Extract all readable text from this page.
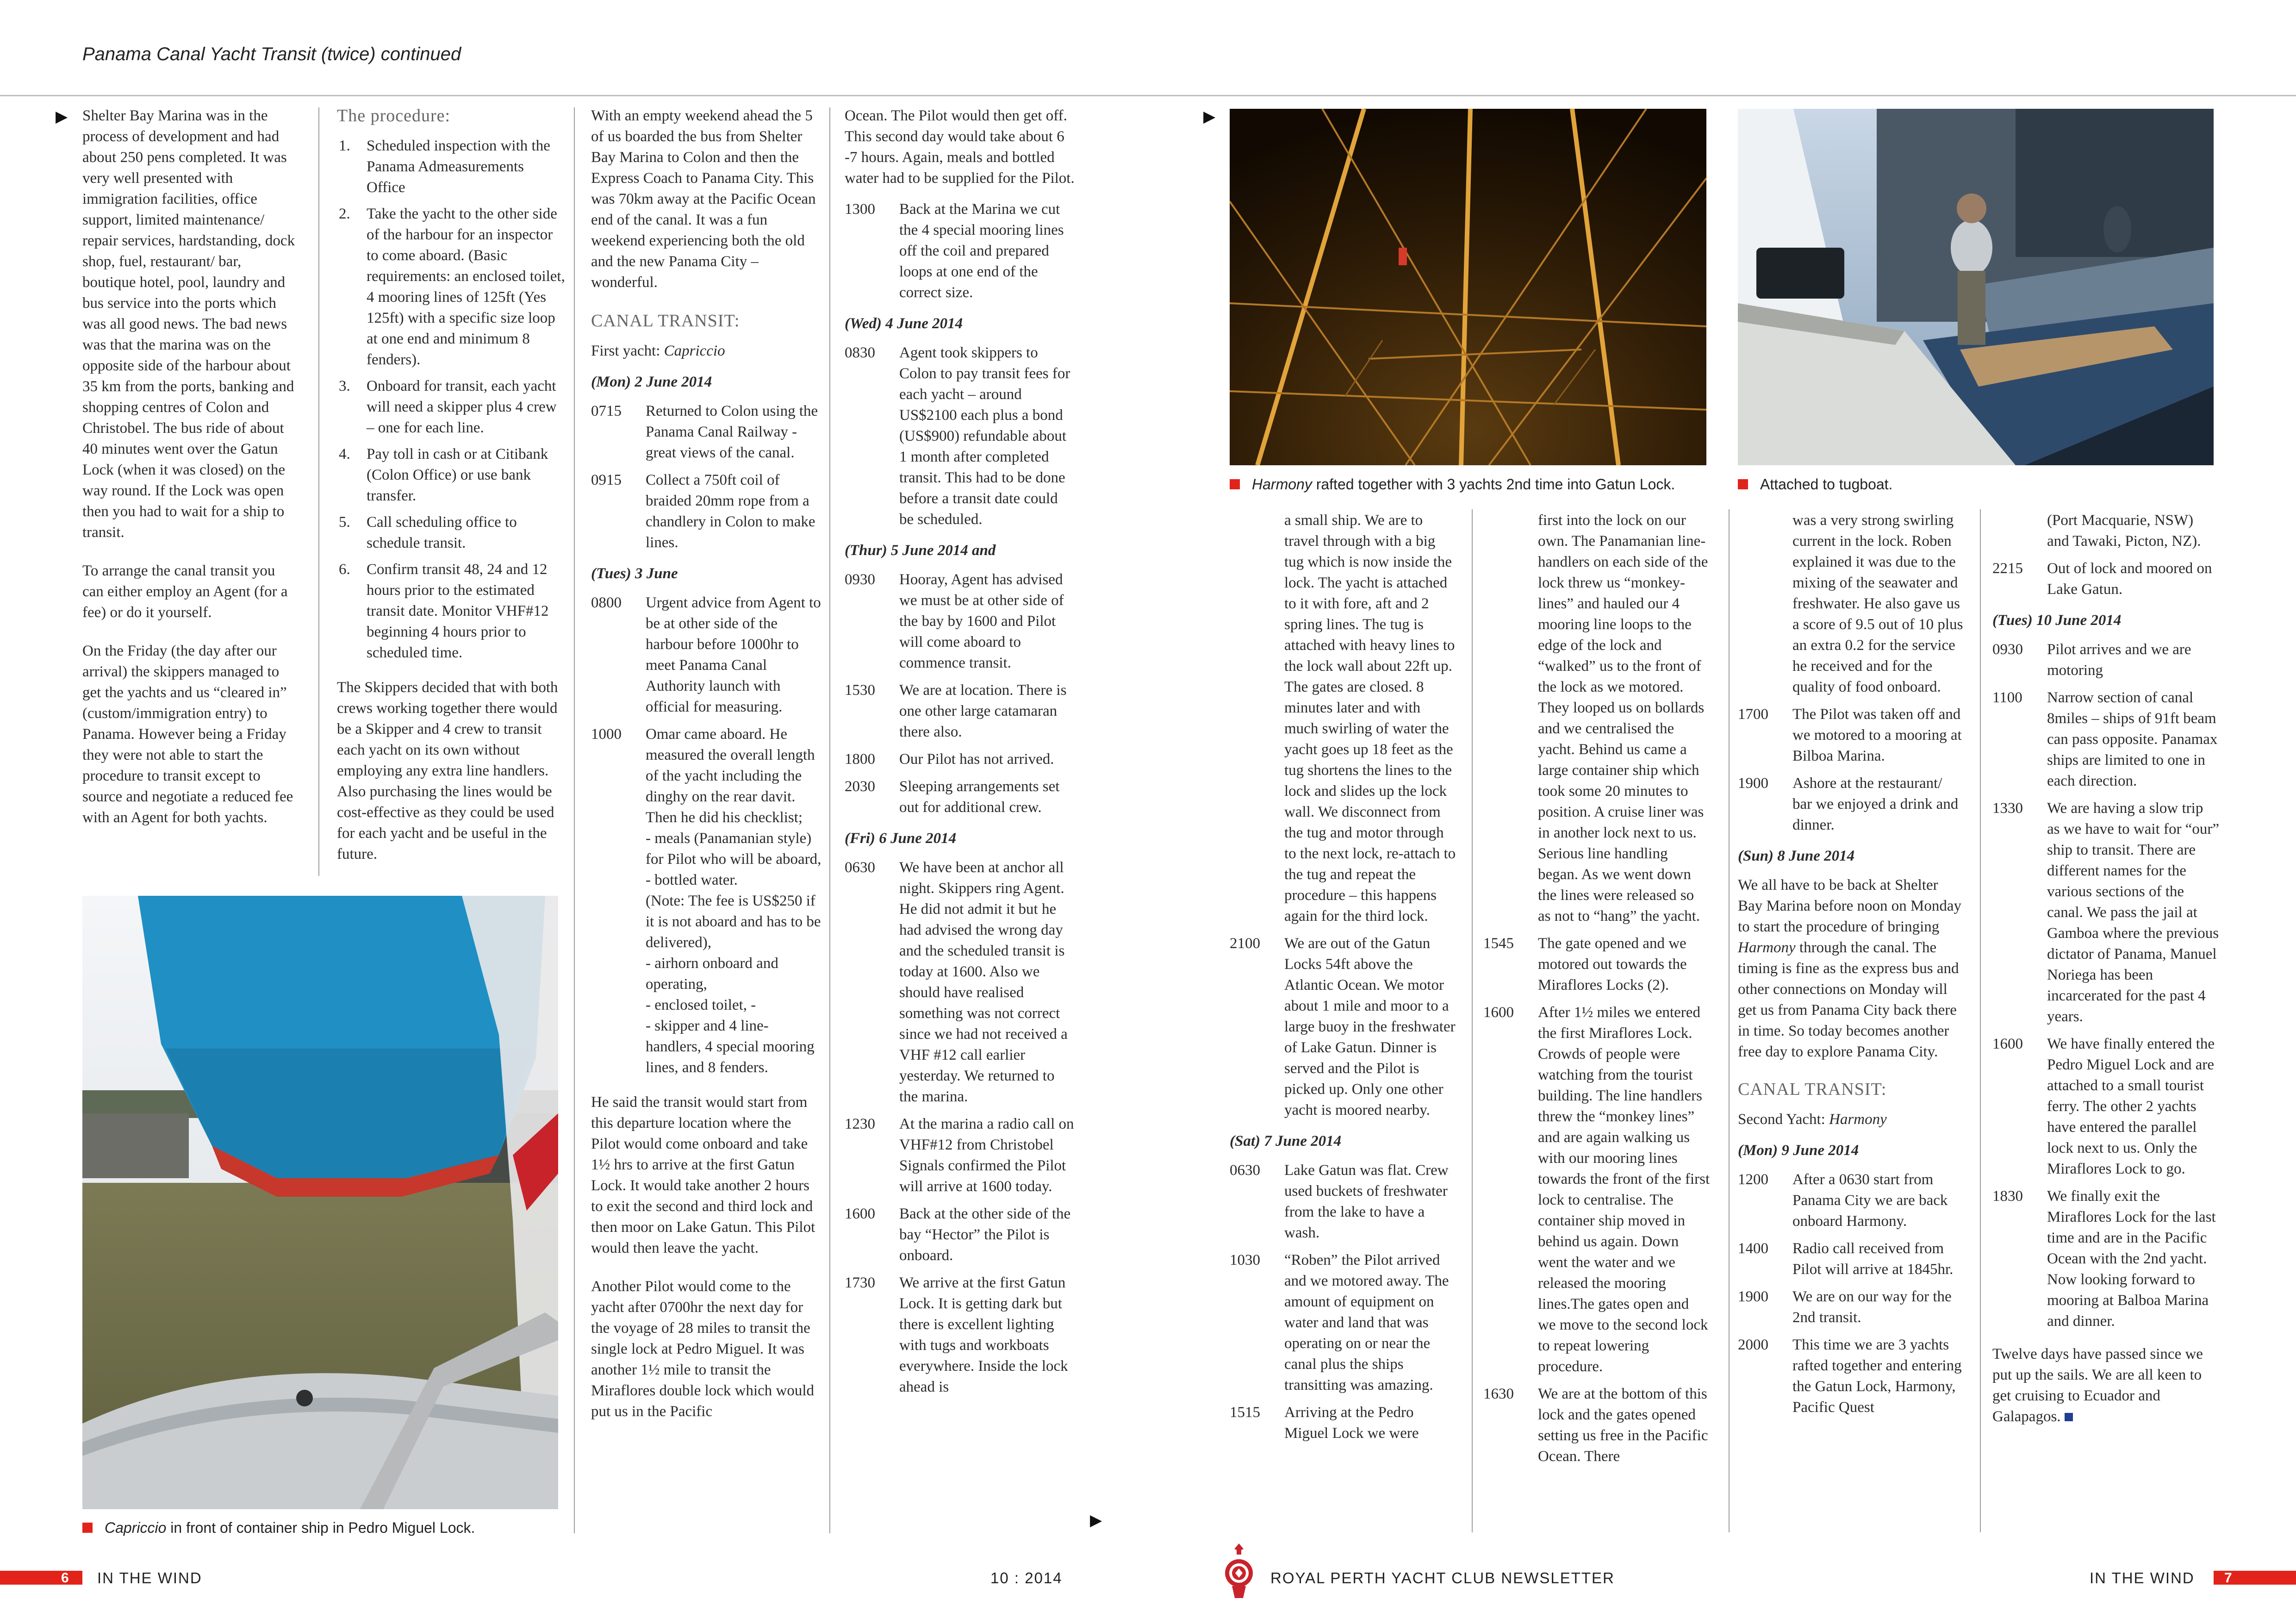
Panama Canal Yacht Transit (twice) continued
▶ Shelter Bay Marina was in the process of development and had about 250 pens completed. It was very well presented with immigration facilities, office support, limited maintenance/ repair services, hardstanding, dock shop, fuel, restaurant/ bar, boutique hotel, pool, laundry and bus service into the ports which was all good news. The bad news was that the marina was on the opposite side of the harbour about 35 km from the ports, banking and shopping centres of Colon and Christobel. The bus ride of about 40 minutes went over the Gatun Lock (when it was closed) on the way round. If the Lock was open then you had to wait for a ship to transit.

To arrange the canal transit you can either employ an Agent (for a fee) or do it yourself.

On the Friday (the day after our arrival) the skippers managed to get the yachts and us “cleared in” (custom/immigration entry) to Panama. However being a Friday they were not able to start the procedure to transit except to source and negotiate a reduced fee with an Agent for both yachts.

The procedure:
1.	Scheduled inspection with the Panama Admeasurements Office
2.	Take the yacht to the other side of the harbour for an inspector to come aboard. (Basic requirements: an enclosed toilet, 4 mooring lines of 125ft (Yes 125ft) with a specific size loop at one end and minimum 8 fenders).
3.	Onboard for transit, each yacht will need a skipper plus 4 crew – one for each line.
4.	Pay toll in cash or at Citibank (Colon Office) or use bank transfer.
5.	Call scheduling office to schedule transit.
6.	Confirm transit 48, 24 and 12 hours prior to the estimated transit date. Monitor VHF#12 beginning 4 hours prior to scheduled time.

The Skippers decided that with both crews working together there would be a Skipper and 4 crew to transit each yacht on its own without employing any extra line handlers. Also purchasing the lines would be cost-effective as they could be used for each yacht and be useful in the future.

Capriccio in front of container ship in Pedro Miguel Lock.

With an empty weekend ahead the 5 of us boarded the bus from Shelter Bay Marina to Colon and then the Express Coach to Panama City. This was 70km away at the Pacific Ocean end of the canal. It was a fun weekend experiencing both the old and the new Panama City – wonderful.

CANAL TRANSIT:
First yacht: Capriccio
(Mon) 2 June 2014
0715	Returned to Colon using the Panama Canal Railway - great views of the canal.
0915	Collect a 750ft coil of braided 20mm rope from a chandlery in Colon to make lines.
(Tues) 3 June
0800	Urgent advice from Agent to be at other side of the harbour before 1000hr to meet Panama Canal Authority launch with official for measuring.
1000	Omar came aboard. He measured the overall length of the yacht including the dinghy on the rear davit. Then he did his checklist;
- meals (Panamanian style) for Pilot who will be aboard,
- bottled water.
(Note: The fee is US$250 if it is not aboard and has to be delivered),
- airhorn onboard and operating,
- enclosed toilet, -
- skipper and 4 line-handlers, 4 special mooring lines, and 8 fenders.

He said the transit would start from this departure location where the Pilot would come onboard and take 1½ hrs to arrive at the first Gatun Lock. It would take another 2 hours to exit the second and third lock and then moor on Lake Gatun. This Pilot would then leave the yacht.

Another Pilot would come to the yacht after 0700hr the next day for the voyage of 28 miles to transit the single lock at Pedro Miguel. It was another 1½ mile to transit the Miraflores double lock which would put us in the Pacific

Ocean. The Pilot would then get off. This second day would take about 6 -7 hours. Again, meals and bottled water had to be supplied for the Pilot.

1300	Back at the Marina we cut the 4 special mooring lines off the coil and prepared loops at one end of the correct size.
(Wed) 4 June 2014
0830	Agent took skippers to Colon to pay transit fees for each yacht – around US$2100 each plus a bond (US$900) refundable about 1 month after completed transit. This had to be done before a transit date could be scheduled.
(Thur) 5 June 2014 and
0930	Hooray, Agent has advised we must be at other side of the bay by 1600 and Pilot will come aboard to commence transit.
1530	We are at location. There is one other large catamaran there also.
1800	Our Pilot has not arrived.
2030	Sleeping arrangements set out for additional crew.
(Fri) 6 June 2014
0630	We have been at anchor all night. Skippers ring Agent. He did not admit it but he had advised the wrong day and the scheduled transit is today at 1600. Also we should have realised something was not correct since we had not received a VHF #12 call earlier yesterday. We returned to the marina.
1230	At the marina a radio call on VHF#12 from Christobel Signals confirmed the Pilot will arrive at 1600 today.
1600	Back at the other side of the bay “Hector” the Pilot is onboard.
1730	We arrive at the first Gatun Lock. It is getting dark but there is excellent lighting with tugs and workboats everywhere. Inside the lock ahead is
▶
▶
Harmony rafted together with 3 yachts 2nd time into Gatun Lock.	Attached to tugboat.
a small ship. We are to travel through with a big tug which is now inside the lock. The yacht is attached to it with fore, aft and 2 spring lines. The tug is attached with heavy lines to the lock wall about 22ft up. The gates are closed. 8 minutes later and with much swirling of water the yacht goes up 18 feet as the tug shortens the lines to the lock and slides up the lock wall. We disconnect from the tug and motor through to the next lock, re-attach to the tug and repeat the procedure – this happens again for the third lock.
2100	We are out of the Gatun Locks 54ft above the Atlantic Ocean. We motor about 1 mile and moor to a large buoy in the freshwater of Lake Gatun. Dinner is served and the Pilot is picked up. Only one other yacht is moored nearby.
(Sat) 7 June 2014
0630	Lake Gatun was flat. Crew used buckets of freshwater from the lake to have a wash.
1030	“Roben” the Pilot arrived and we motored away. The amount of equipment on water and land that was operating on or near the canal plus the ships transitting was amazing.
1515	Arriving at the Pedro Miguel Lock we were
first into the lock on our own. The Panamanian line-handlers on each side of the lock threw us “monkey-lines” and hauled our 4 mooring line loops to the edge of the lock and “walked” us to the front of the lock as we motored. They looped us on bollards and we centralised the yacht. Behind us came a large container ship which took some 20 minutes to position. A cruise liner was in another lock next to us. Serious line handling began. As we went down the lines were released so as not to “hang” the yacht.
1545	The gate opened and we motored out towards the Miraflores Locks (2).
1600	After 1½ miles we entered the first Miraflores Lock. Crowds of people were watching from the tourist building. The line handlers threw the “monkey lines” and are again walking us with our mooring lines towards the front of the first lock to centralise. The container ship moved in behind us again. Down went the water and we released the mooring lines.The gates open and we move to the second lock to repeat lowering procedure.
1630	We are at the bottom of this lock and the gates opened setting us free in the Pacific Ocean. There
was a very strong swirling current in the lock. Roben explained it was due to the mixing of the seawater and freshwater. He also gave us a score of 9.5 out of 10 plus an extra 0.2 for the service he received and for the quality of food onboard.
1700	The Pilot was taken off and we motored to a mooring at Bilboa Marina.
1900	Ashore at the restaurant/ bar we enjoyed a drink and dinner.
(Sun) 8 June 2014

We all have to be back at Shelter Bay Marina before noon on Monday to start the procedure of bringing Harmony through the canal. The timing is fine as the express bus and other connections on Monday will get us from Panama City back there in time. So today becomes another free day to explore Panama City.

CANAL TRANSIT:
Second Yacht: Harmony
(Mon) 9 June 2014
1200	After a 0630 start from Panama City we are back onboard Harmony.
1400	Radio call received from Pilot will arrive at 1845hr.
1900	We are on our way for the 2nd transit.
2000	This time we are 3 yachts rafted together and entering the Gatun Lock, Harmony, Pacific Quest
(Port Macquarie, NSW) and Tawaki, Picton, NZ).
2215	Out of lock and moored on Lake Gatun.
(Tues) 10 June 2014
0930	Pilot arrives and we are motoring
1100	Narrow section of canal 8miles – ships of 91ft beam can pass opposite. Panamax ships are limited to one in each direction.
1330	We are having a slow trip as we have to wait for “our” ship to transit. There are different names for the various sections of the canal. We pass the jail at Gamboa where the previous dictator of Panama, Manuel Noriega has been incarcerated for the past 4 years.
1600	We have finally entered the Pedro Miguel Lock and are attached to a small tourist ferry. The other 2 yachts have entered the parallel lock next to us. Only the Miraflores Lock to go.
1830	We finally exit the Miraflores Lock for the last time and are in the Pacific Ocean with the 2nd yacht. Now looking forward to mooring at Balboa Marina and dinner.

Twelve days have passed since we put up the sails. We are all keen to get cruising to Ecuador and Galapagos.

6 IN THE WIND	10 : 2014	ROYAL PERTH YACHT CLUB NEWSLETTER	IN THE WIND 7
